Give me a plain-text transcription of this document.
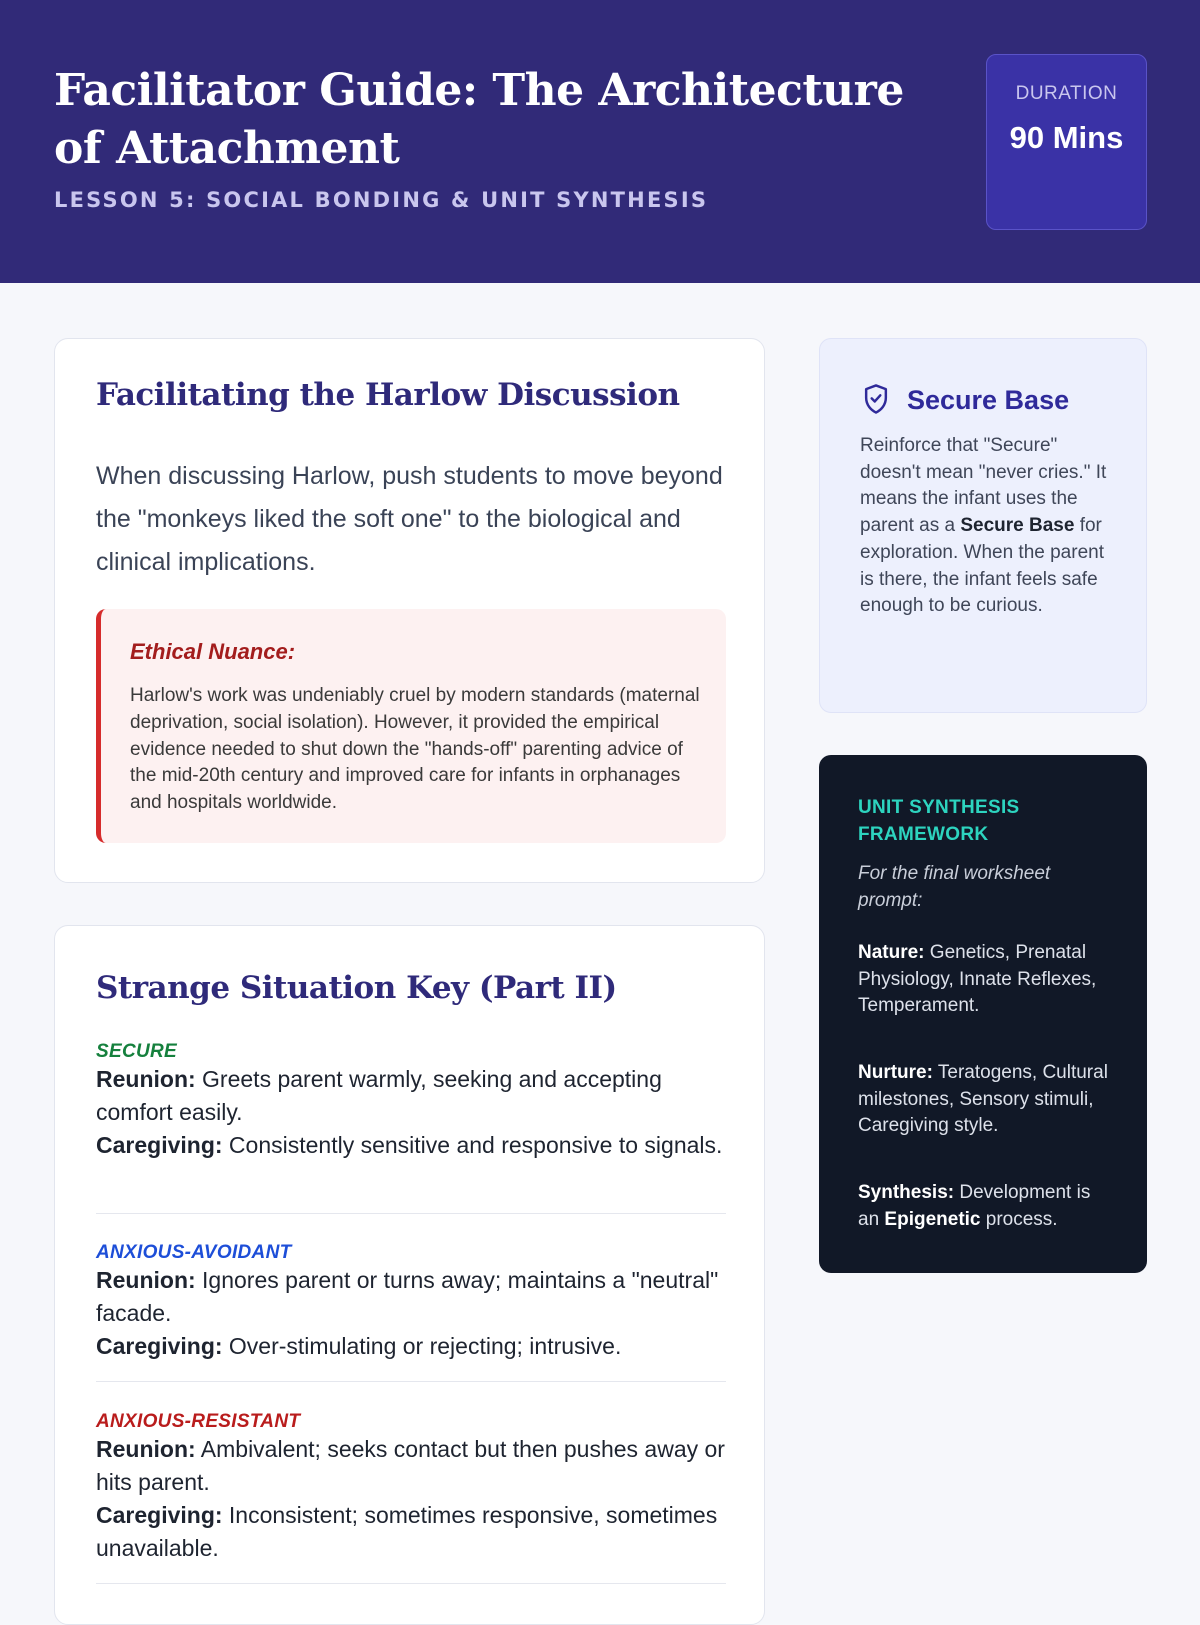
Facilitator Guide: The Architecture of Attachment
LESSON 5: SOCIAL BONDING & UNIT SYNTHESIS
DURATION
90 Mins
Facilitating the Harlow Discussion
When discussing Harlow, push students to move beyond the "monkeys liked the soft one" to the biological and clinical implications.
Ethical Nuance:
Harlow's work was undeniably cruel by modern standards (maternal deprivation, social isolation). However, it provided the empirical evidence needed to shut down the "hands-off" parenting advice of the mid-20th century and improved care for infants in orphanages and hospitals worldwide.
Strange Situation Key (Part II)
SECURE
Reunion: Greets parent warmly, seeking and accepting comfort easily.
Caregiving: Consistently sensitive and responsive to signals.
ANXIOUS-AVOIDANT
Reunion: Ignores parent or turns away; maintains a "neutral" facade.
Caregiving: Over-stimulating or rejecting; intrusive.
ANXIOUS-RESISTANT
Reunion: Ambivalent; seeks contact but then pushes away or hits parent.
Caregiving: Inconsistent; sometimes responsive, sometimes unavailable.
Secure Base
Reinforce that "Secure" doesn't mean "never cries." It means the infant uses the parent as a Secure Base for exploration. When the parent is there, the infant feels safe enough to be curious.
UNIT SYNTHESIS FRAMEWORK
For the final worksheet prompt:
Nature: Genetics, Prenatal Physiology, Innate Reflexes, Temperament.
Nurture: Teratogens, Cultural milestones, Sensory stimuli, Caregiving style.
Synthesis: Development is an Epigenetic process.
